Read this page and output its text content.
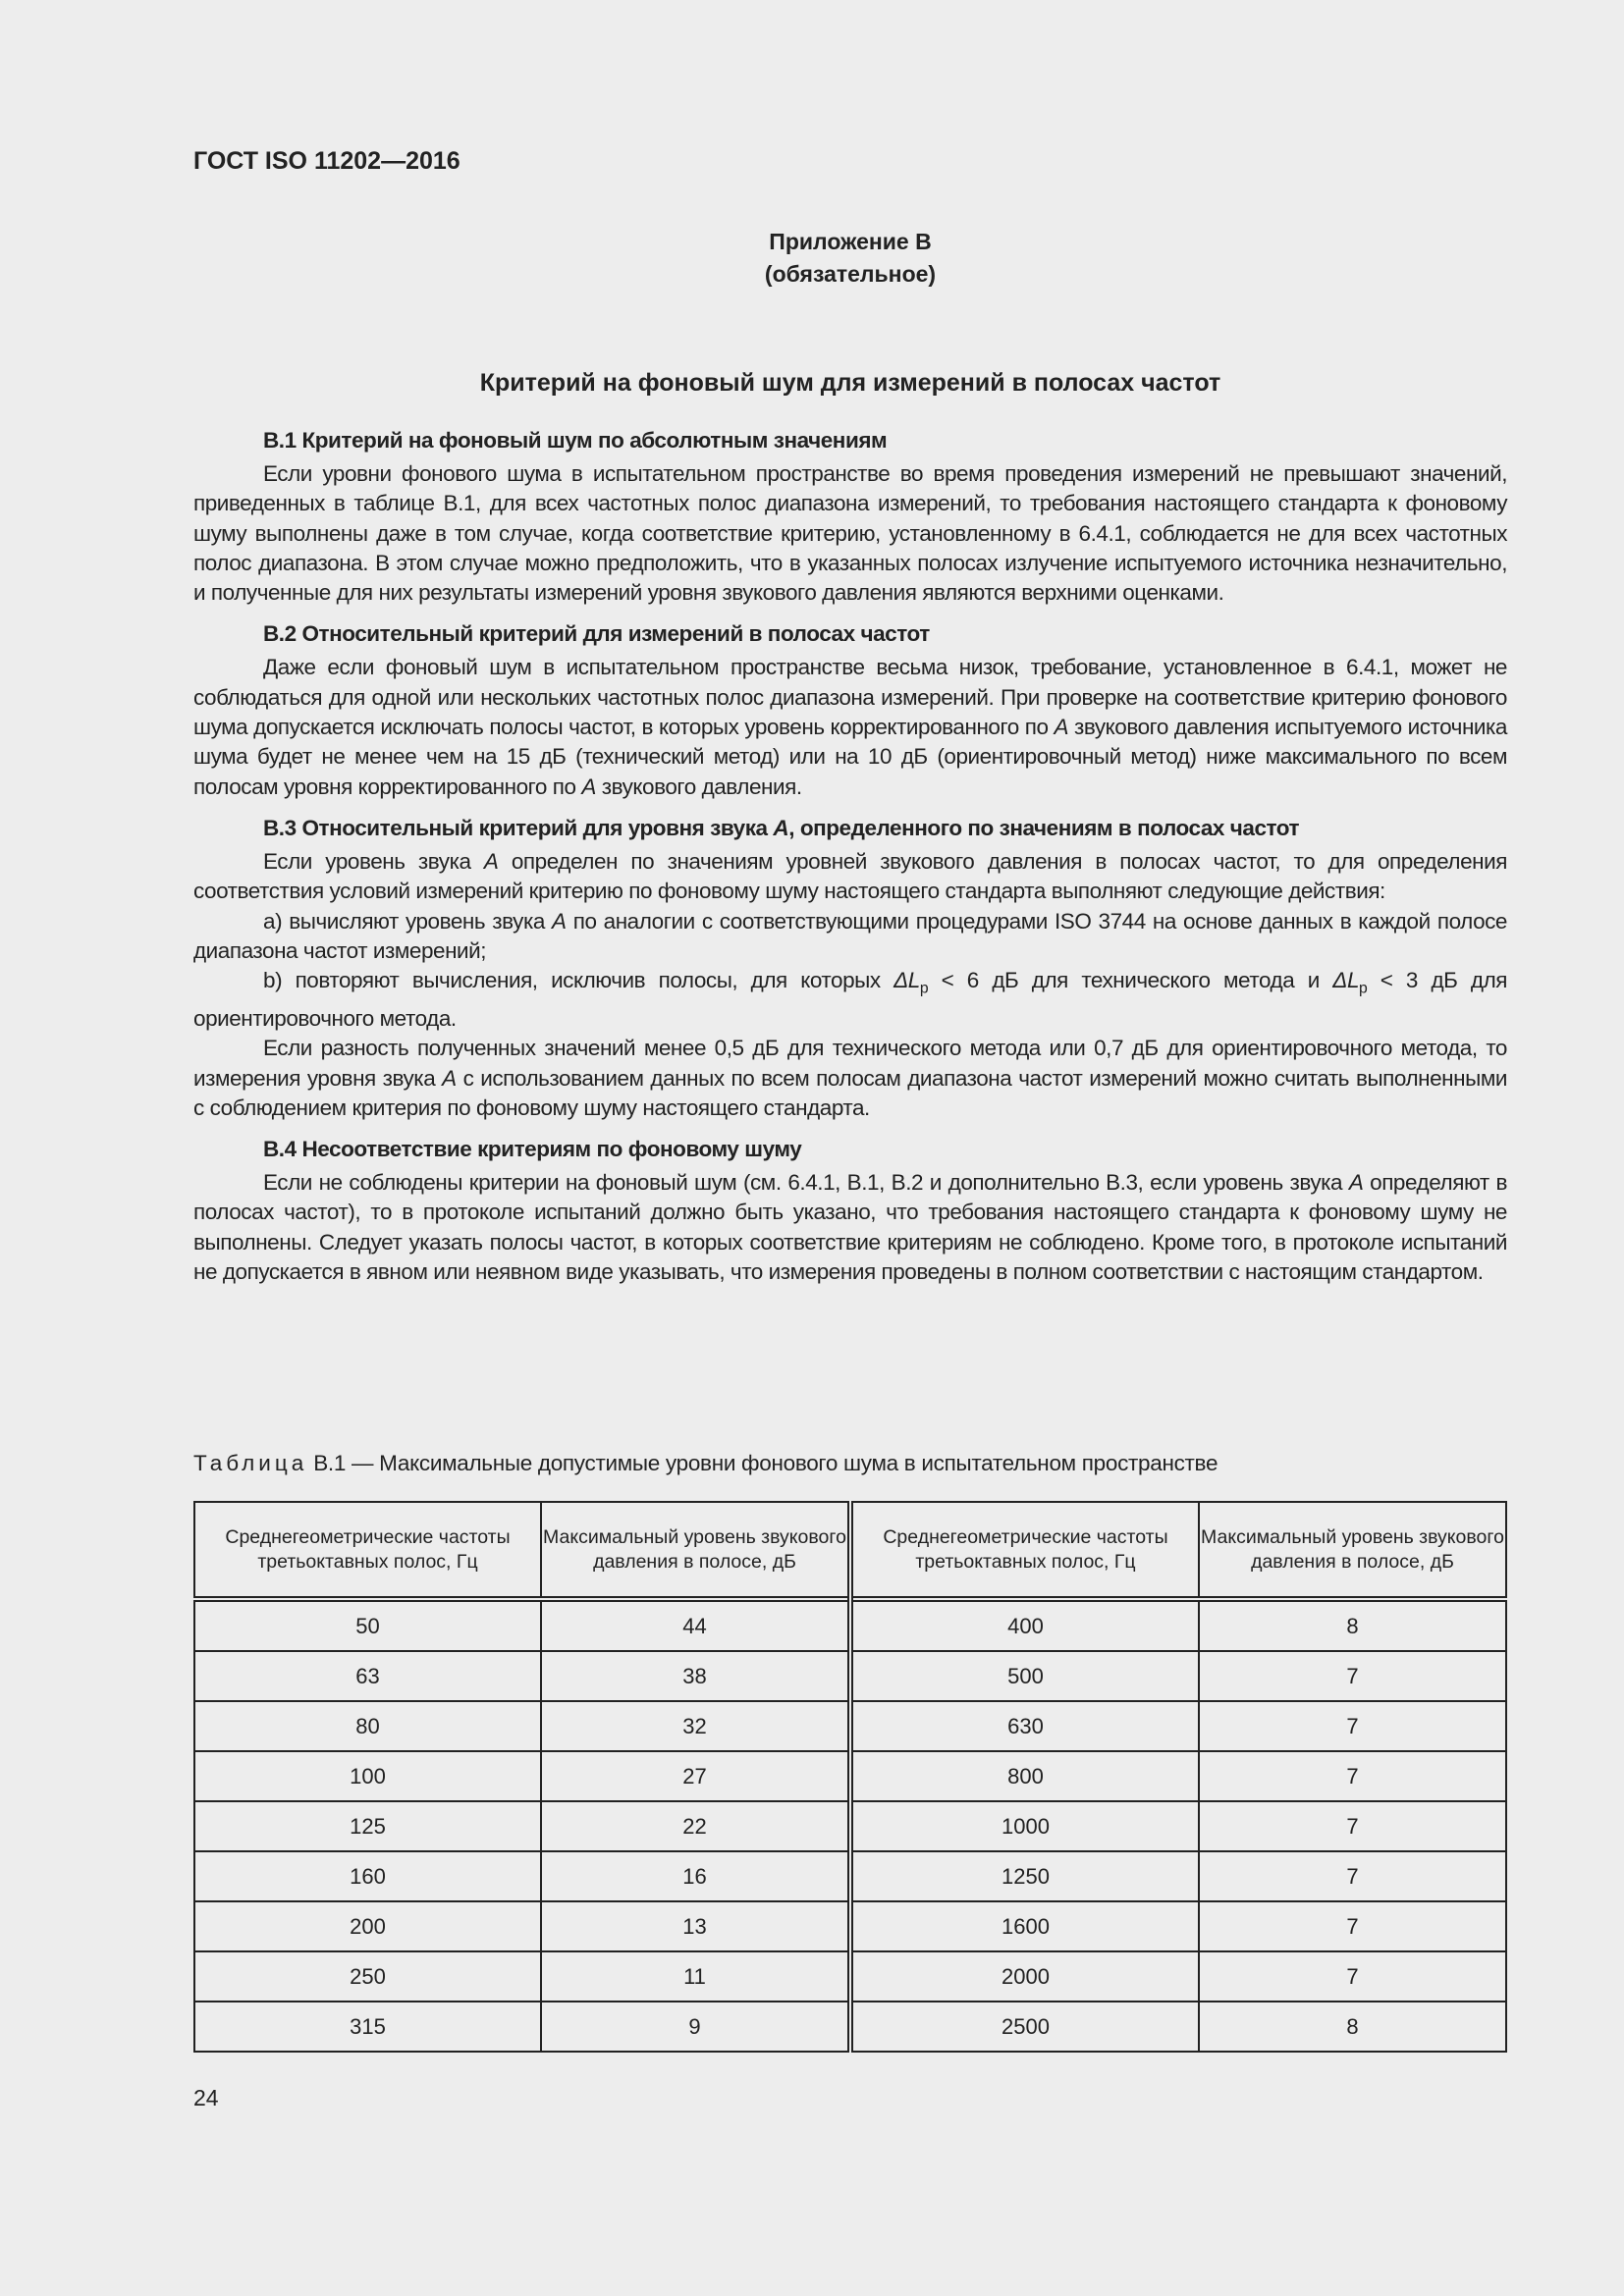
ГОСТ ISO 11202—2016
Приложение В
(обязательное)
Критерий на фоновый шум для измерений в полосах частот
В.1 Критерий на фоновый шум по абсолютным значениям

Если уровни фонового шума в испытательном пространстве во время проведения измерений не превышают значений, приведенных в таблице В.1, для всех частотных полос диапазона измерений, то требования настоящего стандарта к фоновому шуму выполнены даже в том случае, когда соответствие критерию, установленному в 6.4.1, соблюдается не для всех частотных полос диапазона. В этом случае можно предположить, что в указанных полосах излучение испытуемого источника незначительно, и полученные для них результаты измерений уровня звукового давления являются верхними оценками.

В.2 Относительный критерий для измерений в полосах частот

Даже если фоновый шум в испытательном пространстве весьма низок, требование, установленное в 6.4.1, может не соблюдаться для одной или нескольких частотных полос диапазона измерений. При проверке на соответствие критерию фонового шума допускается исключать полосы частот, в которых уровень корректированного по A звукового давления испытуемого источника шума будет не менее чем на 15 дБ (технический метод) или на 10 дБ (ориентировочный метод) ниже максимального по всем полосам уровня корректированного по A звукового давления.

В.3 Относительный критерий для уровня звука A, определенного по значениям в полосах частот

Если уровень звука A определен по значениям уровней звукового давления в полосах частот, то для определения соответствия условий измерений критерию по фоновому шуму настоящего стандарта выполняют следующие действия:

a) вычисляют уровень звука A по аналогии с соответствующими процедурами ISO 3744 на основе данных в каждой полосе диапазона частот измерений;

b) повторяют вычисления, исключив полосы, для которых $\Delta L_p < 6$ дБ для технического метода и $\Delta L_p < 3$ дБ для ориентировочного метода.

Если разность полученных значений менее 0,5 дБ для технического метода или 0,7 дБ для ориентировочного метода, то измерения уровня звука A с использованием данных по всем полосам диапазона частот измерений можно считать выполненными с соблюдением критерия по фоновому шуму настоящего стандарта.

В.4 Несоответствие критериям по фоновому шуму

Если не соблюдены критерии на фоновый шум (см. 6.4.1, В.1, В.2 и дополнительно В.3, если уровень звука A определяют в полосах частот), то в протоколе испытаний должно быть указано, что требования настоящего стандарта к фоновому шуму не выполнены. Следует указать полосы частот, в которых соответствие критериям не соблюдено. Кроме того, в протоколе испытаний не допускается в явном или неявном виде указывать, что измерения проведены в полном соответствии с настоящим стандартом.

Таблица В.1 — Максимальные допустимые уровни фонового шума в испытательном пространстве
Среднегеометрические частоты третьоктавных полос, Гц	Максимальный уровень звукового давления в полосе, дБ	Среднегеометрические частоты третьоктавных полос, Гц	Максимальный уровень звукового давления в полосе, дБ
50	44	400	8
63	38	500	7
80	32	630	7
100	27	800	7
125	22	1000	7
160	16	1250	7
200	13	1600	7
250	11	2000	7
315	9	2500	8
24
